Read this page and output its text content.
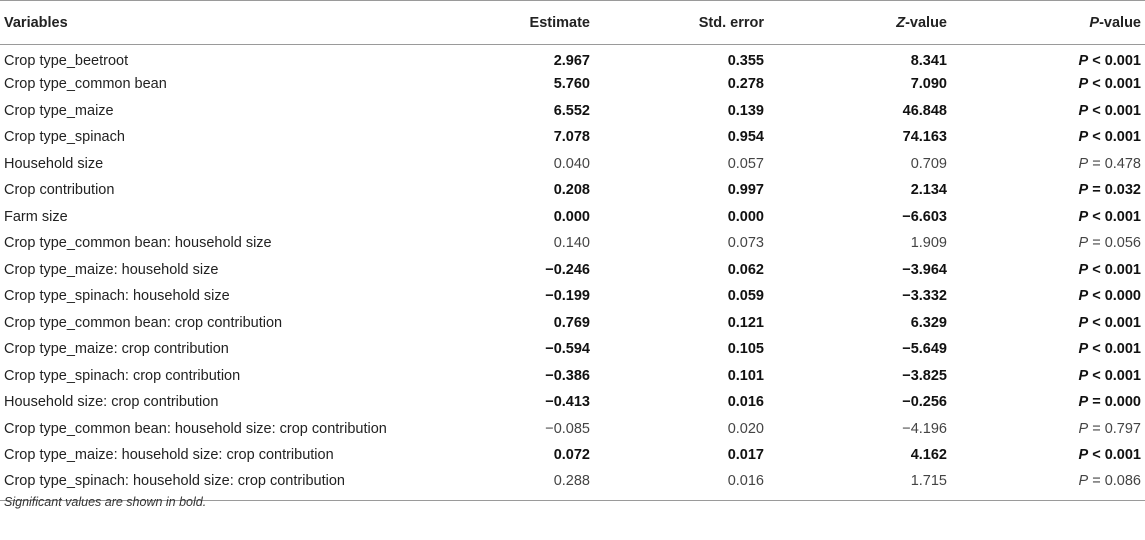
Variables	Estimate	Std. error	Z-value	P-value
Crop type_beetroot	2.967	0.355	8.341	P < 0.001
Crop type_common bean	5.760	0.278	7.090	P < 0.001
Crop type_maize	6.552	0.139	46.848	P < 0.001
Crop type_spinach	7.078	0.954	74.163	P < 0.001
Household size	0.040	0.057	0.709	P = 0.478
Crop contribution	0.208	0.997	2.134	P = 0.032
Farm size	0.000	0.000	−6.603	P < 0.001
Crop type_common bean: household size	0.140	0.073	1.909	P = 0.056
Crop type_maize: household size	−0.246	0.062	−3.964	P < 0.001
Crop type_spinach: household size	−0.199	0.059	−3.332	P < 0.000
Crop type_common bean: crop contribution	0.769	0.121	6.329	P < 0.001
Crop type_maize: crop contribution	−0.594	0.105	−5.649	P < 0.001
Crop type_spinach: crop contribution	−0.386	0.101	−3.825	P < 0.001
Household size: crop contribution	−0.413	0.016	−0.256	P = 0.000
Crop type_common bean: household size: crop contribution	−0.085	0.020	−4.196	P = 0.797
Crop type_maize: household size: crop contribution	0.072	0.017	4.162	P < 0.001
Crop type_spinach: household size: crop contribution	0.288	0.016	1.715	P = 0.086
Significant values are shown in bold.
